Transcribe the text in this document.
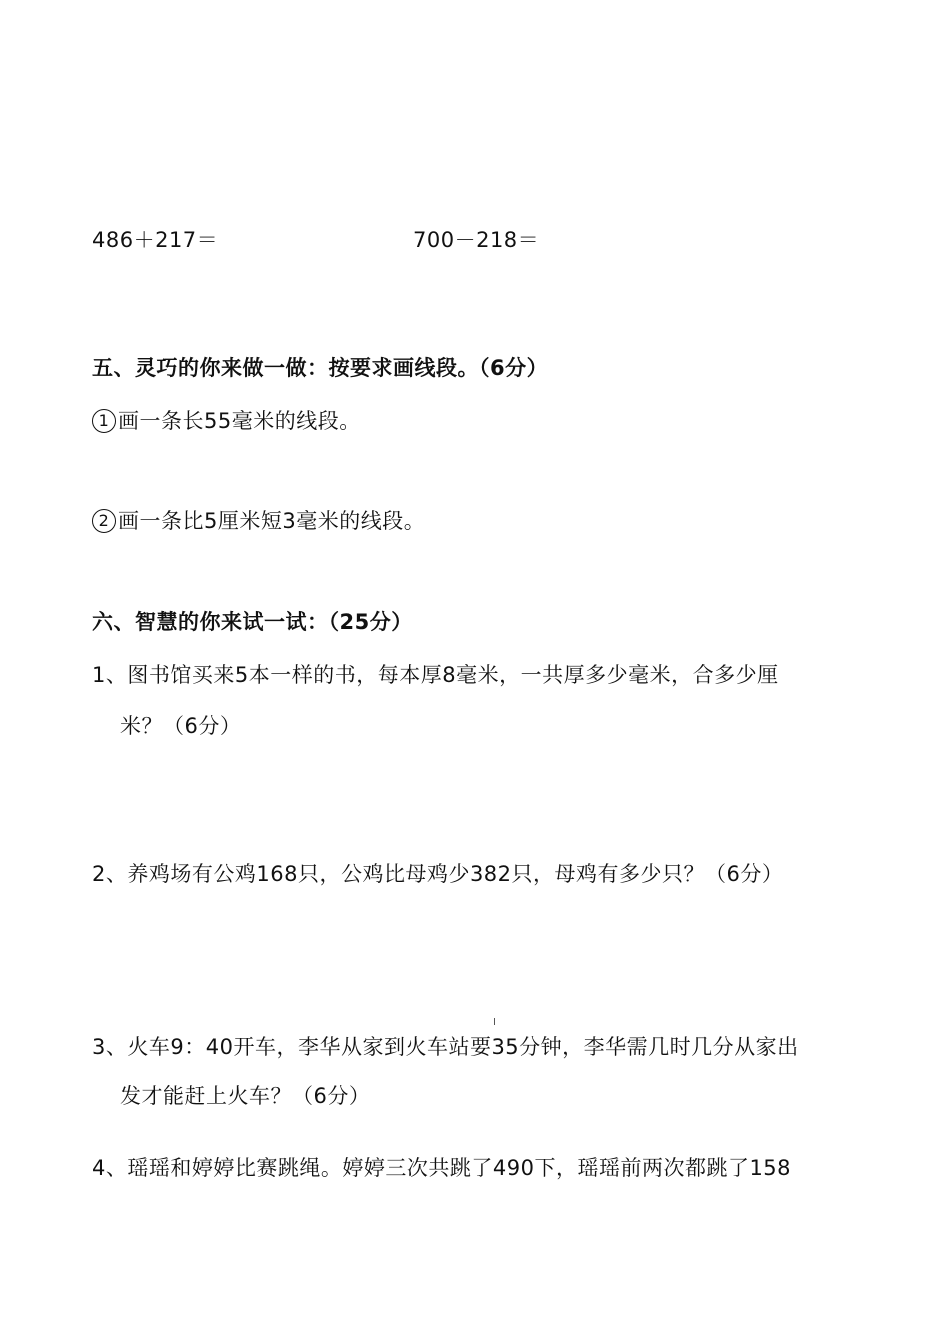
486＋217＝	700－218＝
五、灵巧的你来做一做：按要求画线段。（6分）
1 画一条长55毫米的线段。
2 画一条比5厘米短3毫米的线段。
六、智慧的你来试一试：（25分）
1、图书馆买来5本一样的书，每本厚8毫米，一共厚多少毫米，合多少厘
米？（6分）
2、养鸡场有公鸡168只，公鸡比母鸡少382只，母鸡有多少只？（6分）
3、火车9：40开车，李华从家到火车站要35分钟，李华需几时几分从家出
发才能赶上火车？（6分）
4、瑶瑶和婷婷比赛跳绳。婷婷三次共跳了490下，瑶瑶前两次都跳了158
